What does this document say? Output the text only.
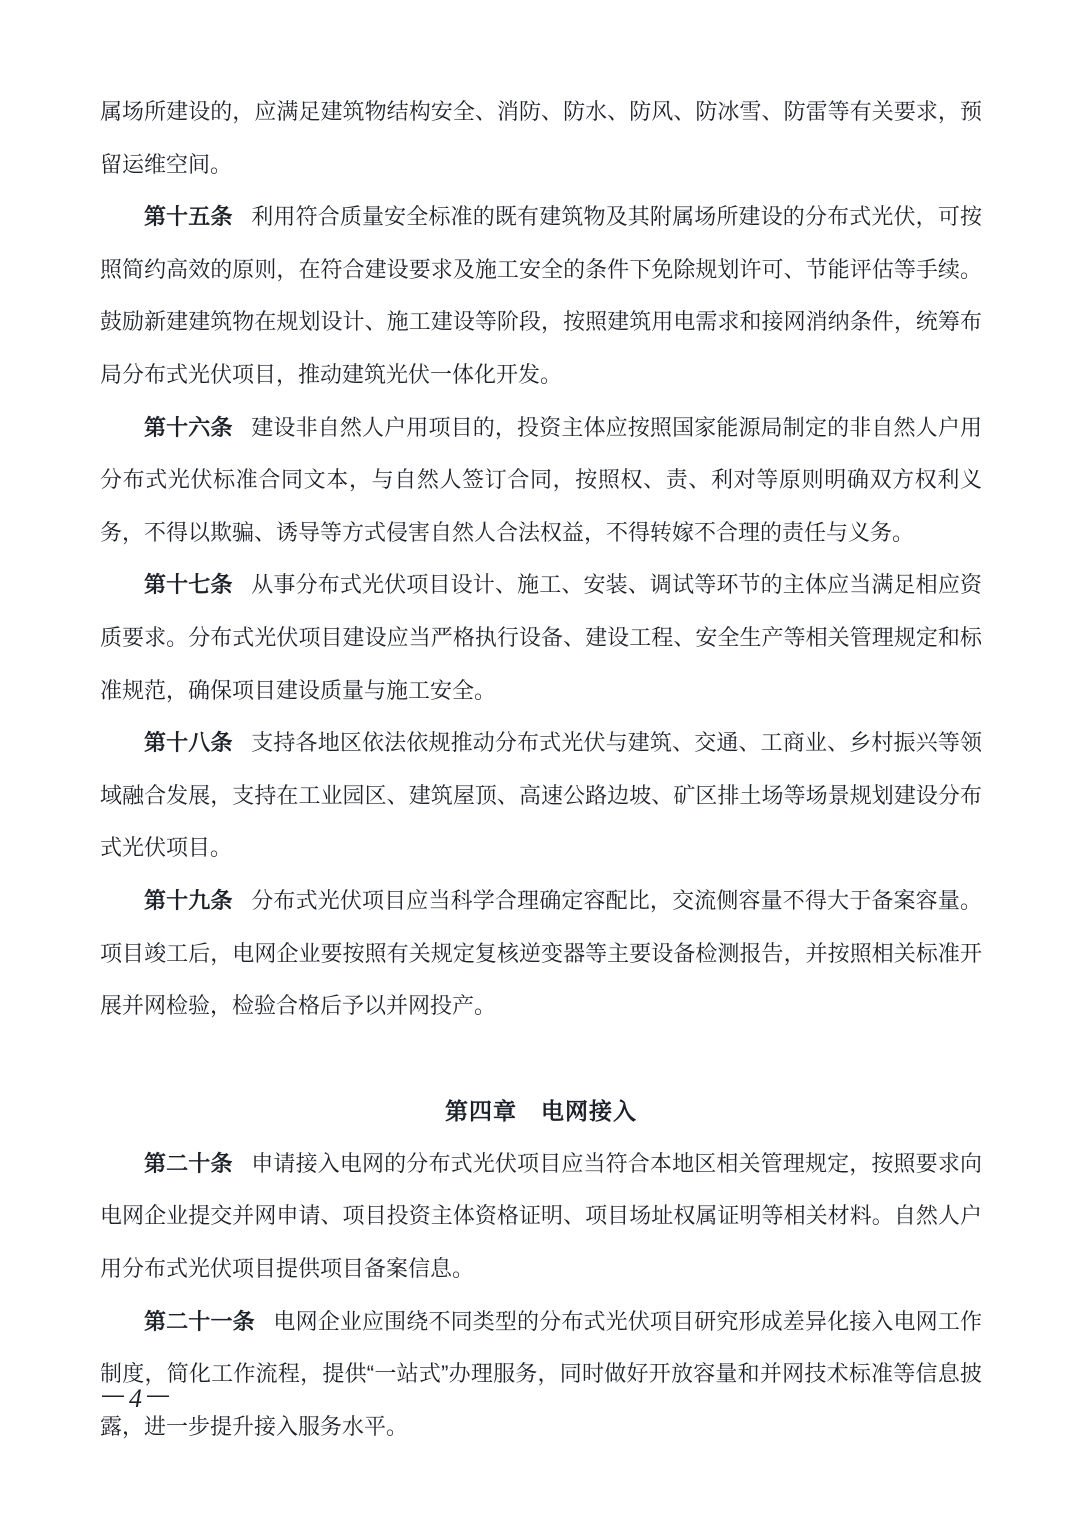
属场所建设的，应满足建筑物结构安全、消防、防水、防风、防冰雪、防雷等有关要求，预留运维空间。

第十五条 利用符合质量安全标准的既有建筑物及其附属场所建设的分布式光伏，可按照简约高效的原则，在符合建设要求及施工安全的条件下免除规划许可、节能评估等手续。鼓励新建建筑物在规划设计、施工建设等阶段，按照建筑用电需求和接网消纳条件，统筹布局分布式光伏项目，推动建筑光伏一体化开发。

第十六条 建设非自然人户用项目的，投资主体应按照国家能源局制定的非自然人户用分布式光伏标准合同文本，与自然人签订合同，按照权、责、利对等原则明确双方权利义务，不得以欺骗、诱导等方式侵害自然人合法权益，不得转嫁不合理的责任与义务。

第十七条 从事分布式光伏项目设计、施工、安装、调试等环节的主体应当满足相应资质要求。分布式光伏项目建设应当严格执行设备、建设工程、安全生产等相关管理规定和标准规范，确保项目建设质量与施工安全。

第十八条 支持各地区依法依规推动分布式光伏与建筑、交通、工商业、乡村振兴等领域融合发展，支持在工业园区、建筑屋顶、高速公路边坡、矿区排土场等场景规划建设分布式光伏项目。

第十九条 分布式光伏项目应当科学合理确定容配比，交流侧容量不得大于备案容量。项目竣工后，电网企业要按照有关规定复核逆变器等主要设备检测报告，并按照相关标准开展并网检验，检验合格后予以并网投产。

第四章　电网接入

第二十条 申请接入电网的分布式光伏项目应当符合本地区相关管理规定，按照要求向电网企业提交并网申请、项目投资主体资格证明、项目场址权属证明等相关材料。自然人户用分布式光伏项目提供项目备案信息。

第二十一条 电网企业应围绕不同类型的分布式光伏项目研究形成差异化接入电网工作制度，简化工作流程，提供“一站式”办理服务，同时做好开放容量和并网技术标准等信息披露，进一步提升接入服务水平。

— 4 —
